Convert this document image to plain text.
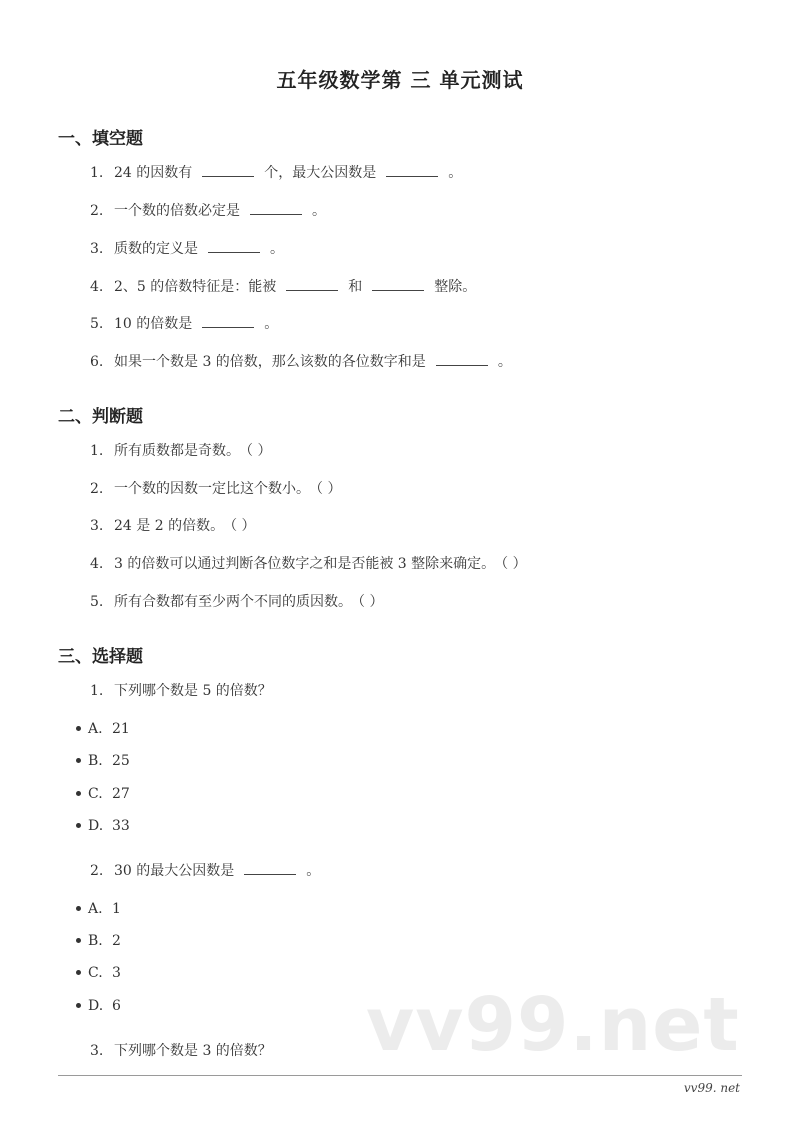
五年级数学第 三 单元测试
一、填空题
1. 24 的因数有	个，最大公因数是	。
2. 一个数的倍数必定是	。
3. 质数的定义是	。
4. 2、5 的倍数特征是：能被	和	整除。
5. 10 的倍数是	。
6. 如果一个数是 3 的倍数，那么该数的各位数字和是	。
二、判断题
1. 所有质数都是奇数。 （ ）
2. 一个数的因数一定比这个数小。 （ ）
3. 24 是 2 的倍数。 （ ）
4. 3 的倍数可以通过判断各位数字之和是否能被 3 整除来确定。 （ ）
5. 所有合数都有至少两个不同的质因数。 （ ）
三、选择题
1. 下列哪个数是 5 的倍数？
A. 21
B. 25
C. 27
D. 33
2. 30 的最大公因数是	。
A. 1
B. 2
C. 3
D. 6	vv99.net
3. 下列哪个数是 3 的倍数？
vv99. net
